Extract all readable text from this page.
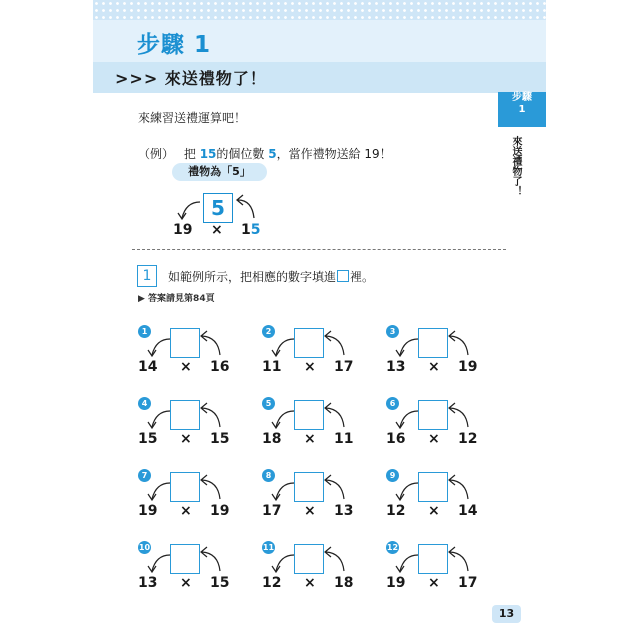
步驟 1
>>> 來送禮物了！
步驟
1
來送禮物了！
來練習送禮運算吧！
（例） 把 15的個位數 5，當作禮物送給 19！
禮物為「5」
5
19 × 15
1	如範例所示，把相應的數字填進 裡。
▶ 答案請見第84頁
1
14 × 16
2
11 × 17
3
13 × 19
4
15 × 15
5
18 × 11
6
16 × 12
7
19 × 19
8
17 × 13
9
12 × 14
10
13 × 15
11
12 × 18
12
19 × 17
13
